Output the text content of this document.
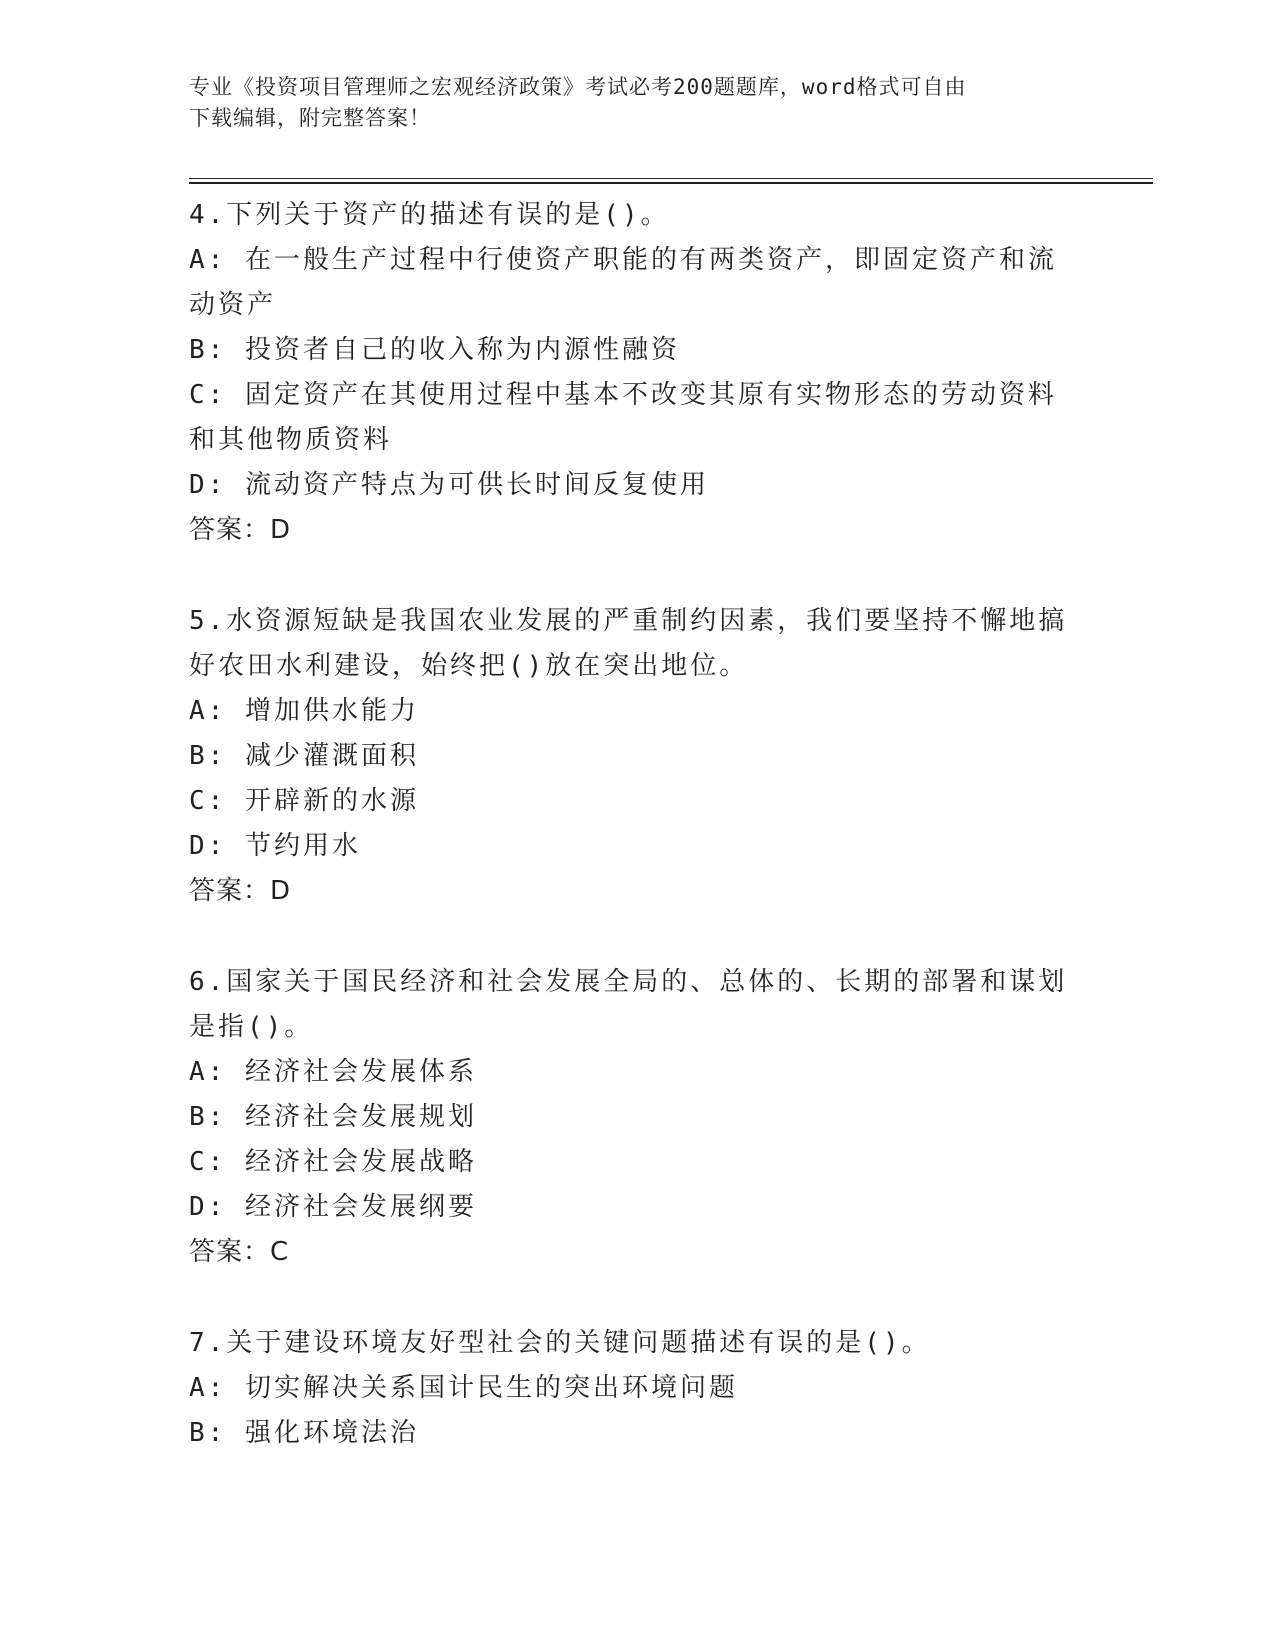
专业《投资项目管理师之宏观经济政策》考试必考200题题库，word格式可自由
下载编辑，附完整答案！

4.下列关于资产的描述有误的是()。

A: 在一般生产过程中行使资产职能的有两类资产，即固定资产和流动资产

B: 投资者自己的收入称为内源性融资

C: 固定资产在其使用过程中基本不改变其原有实物形态的劳动资料和其他物质资料

D: 流动资产特点为可供长时间反复使用

答案：D

5.水资源短缺是我国农业发展的严重制约因素，我们要坚持不懈地搞好农田水利建设，始终把()放在突出地位。

A: 增加供水能力

B: 减少灌溉面积

C: 开辟新的水源

D: 节约用水

答案：D

6.国家关于国民经济和社会发展全局的、总体的、长期的部署和谋划是指()。

A: 经济社会发展体系

B: 经济社会发展规划

C: 经济社会发展战略

D: 经济社会发展纲要

答案：C

7.关于建设环境友好型社会的关键问题描述有误的是()。

A: 切实解决关系国计民生的突出环境问题

B: 强化环境法治
